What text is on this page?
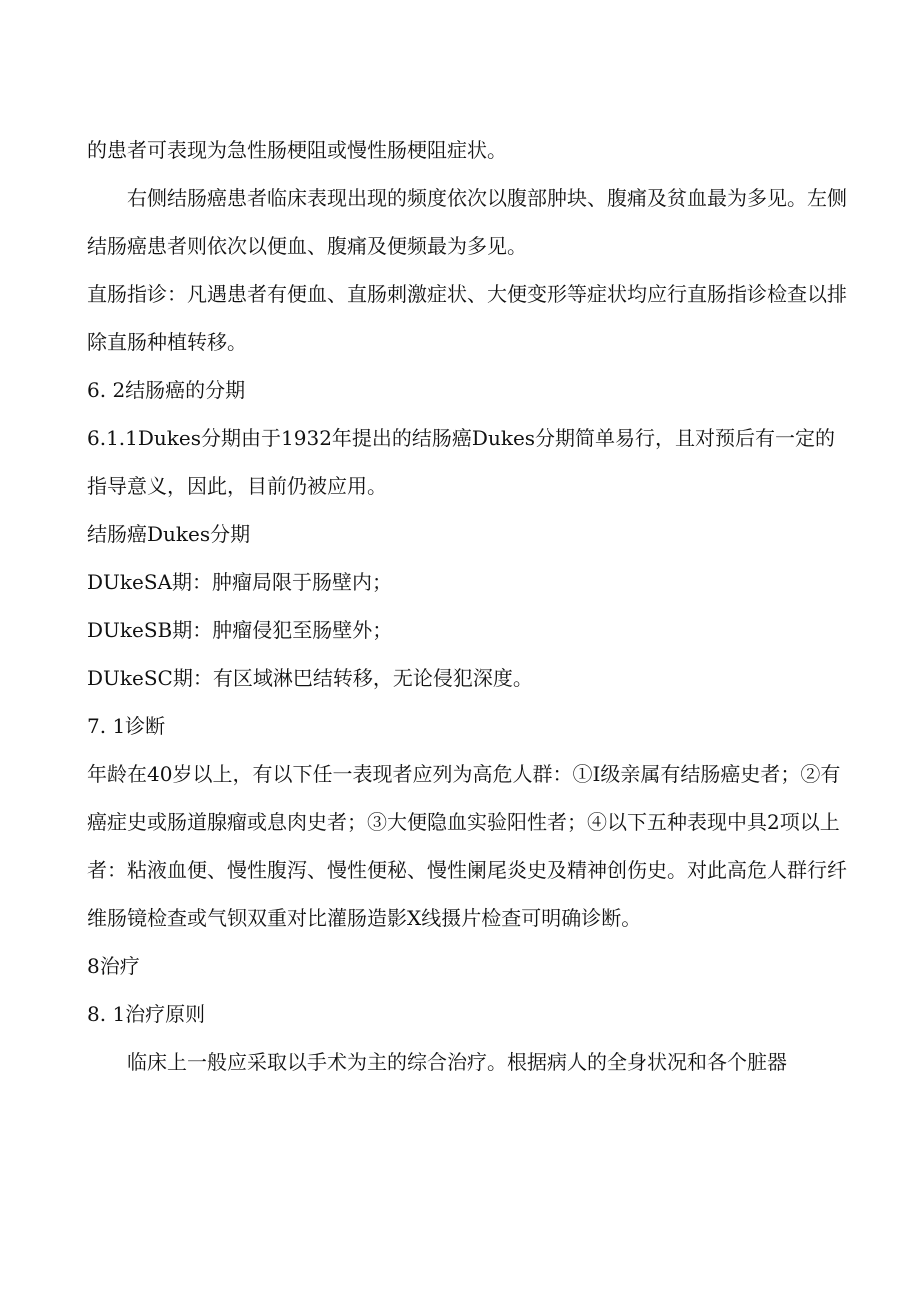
的患者可表现为急性肠梗阻或慢性肠梗阻症状。

右侧结肠癌患者临床表现出现的频度依次以腹部肿块、腹痛及贫血最为多见。左侧结肠癌患者则依次以便血、腹痛及便频最为多见。

直肠指诊：凡遇患者有便血、直肠刺激症状、大便变形等症状均应行直肠指诊检查以排除直肠种植转移。

6. 2结肠癌的分期

6.1.1Dukes分期由于1932年提出的结肠癌Dukes分期简单易行，且对预后有一定的指导意义，因此，目前仍被应用。

结肠癌Dukes分期

DUkeSA期：肿瘤局限于肠壁内；

DUkeSB期：肿瘤侵犯至肠壁外；

DUkeSC期：有区域淋巴结转移，无论侵犯深度。

7. 1诊断

年龄在40岁以上，有以下任一表现者应列为高危人群：①I级亲属有结肠癌史者；②有癌症史或肠道腺瘤或息肉史者；③大便隐血实验阳性者；④以下五种表现中具2项以上者：粘液血便、慢性腹泻、慢性便秘、慢性阑尾炎史及精神创伤史。对此高危人群行纤维肠镜检查或气钡双重对比灌肠造影X线摄片检查可明确诊断。

8治疗

8. 1治疗原则

临床上一般应采取以手术为主的综合治疗。根据病人的全身状况和各个脏器
